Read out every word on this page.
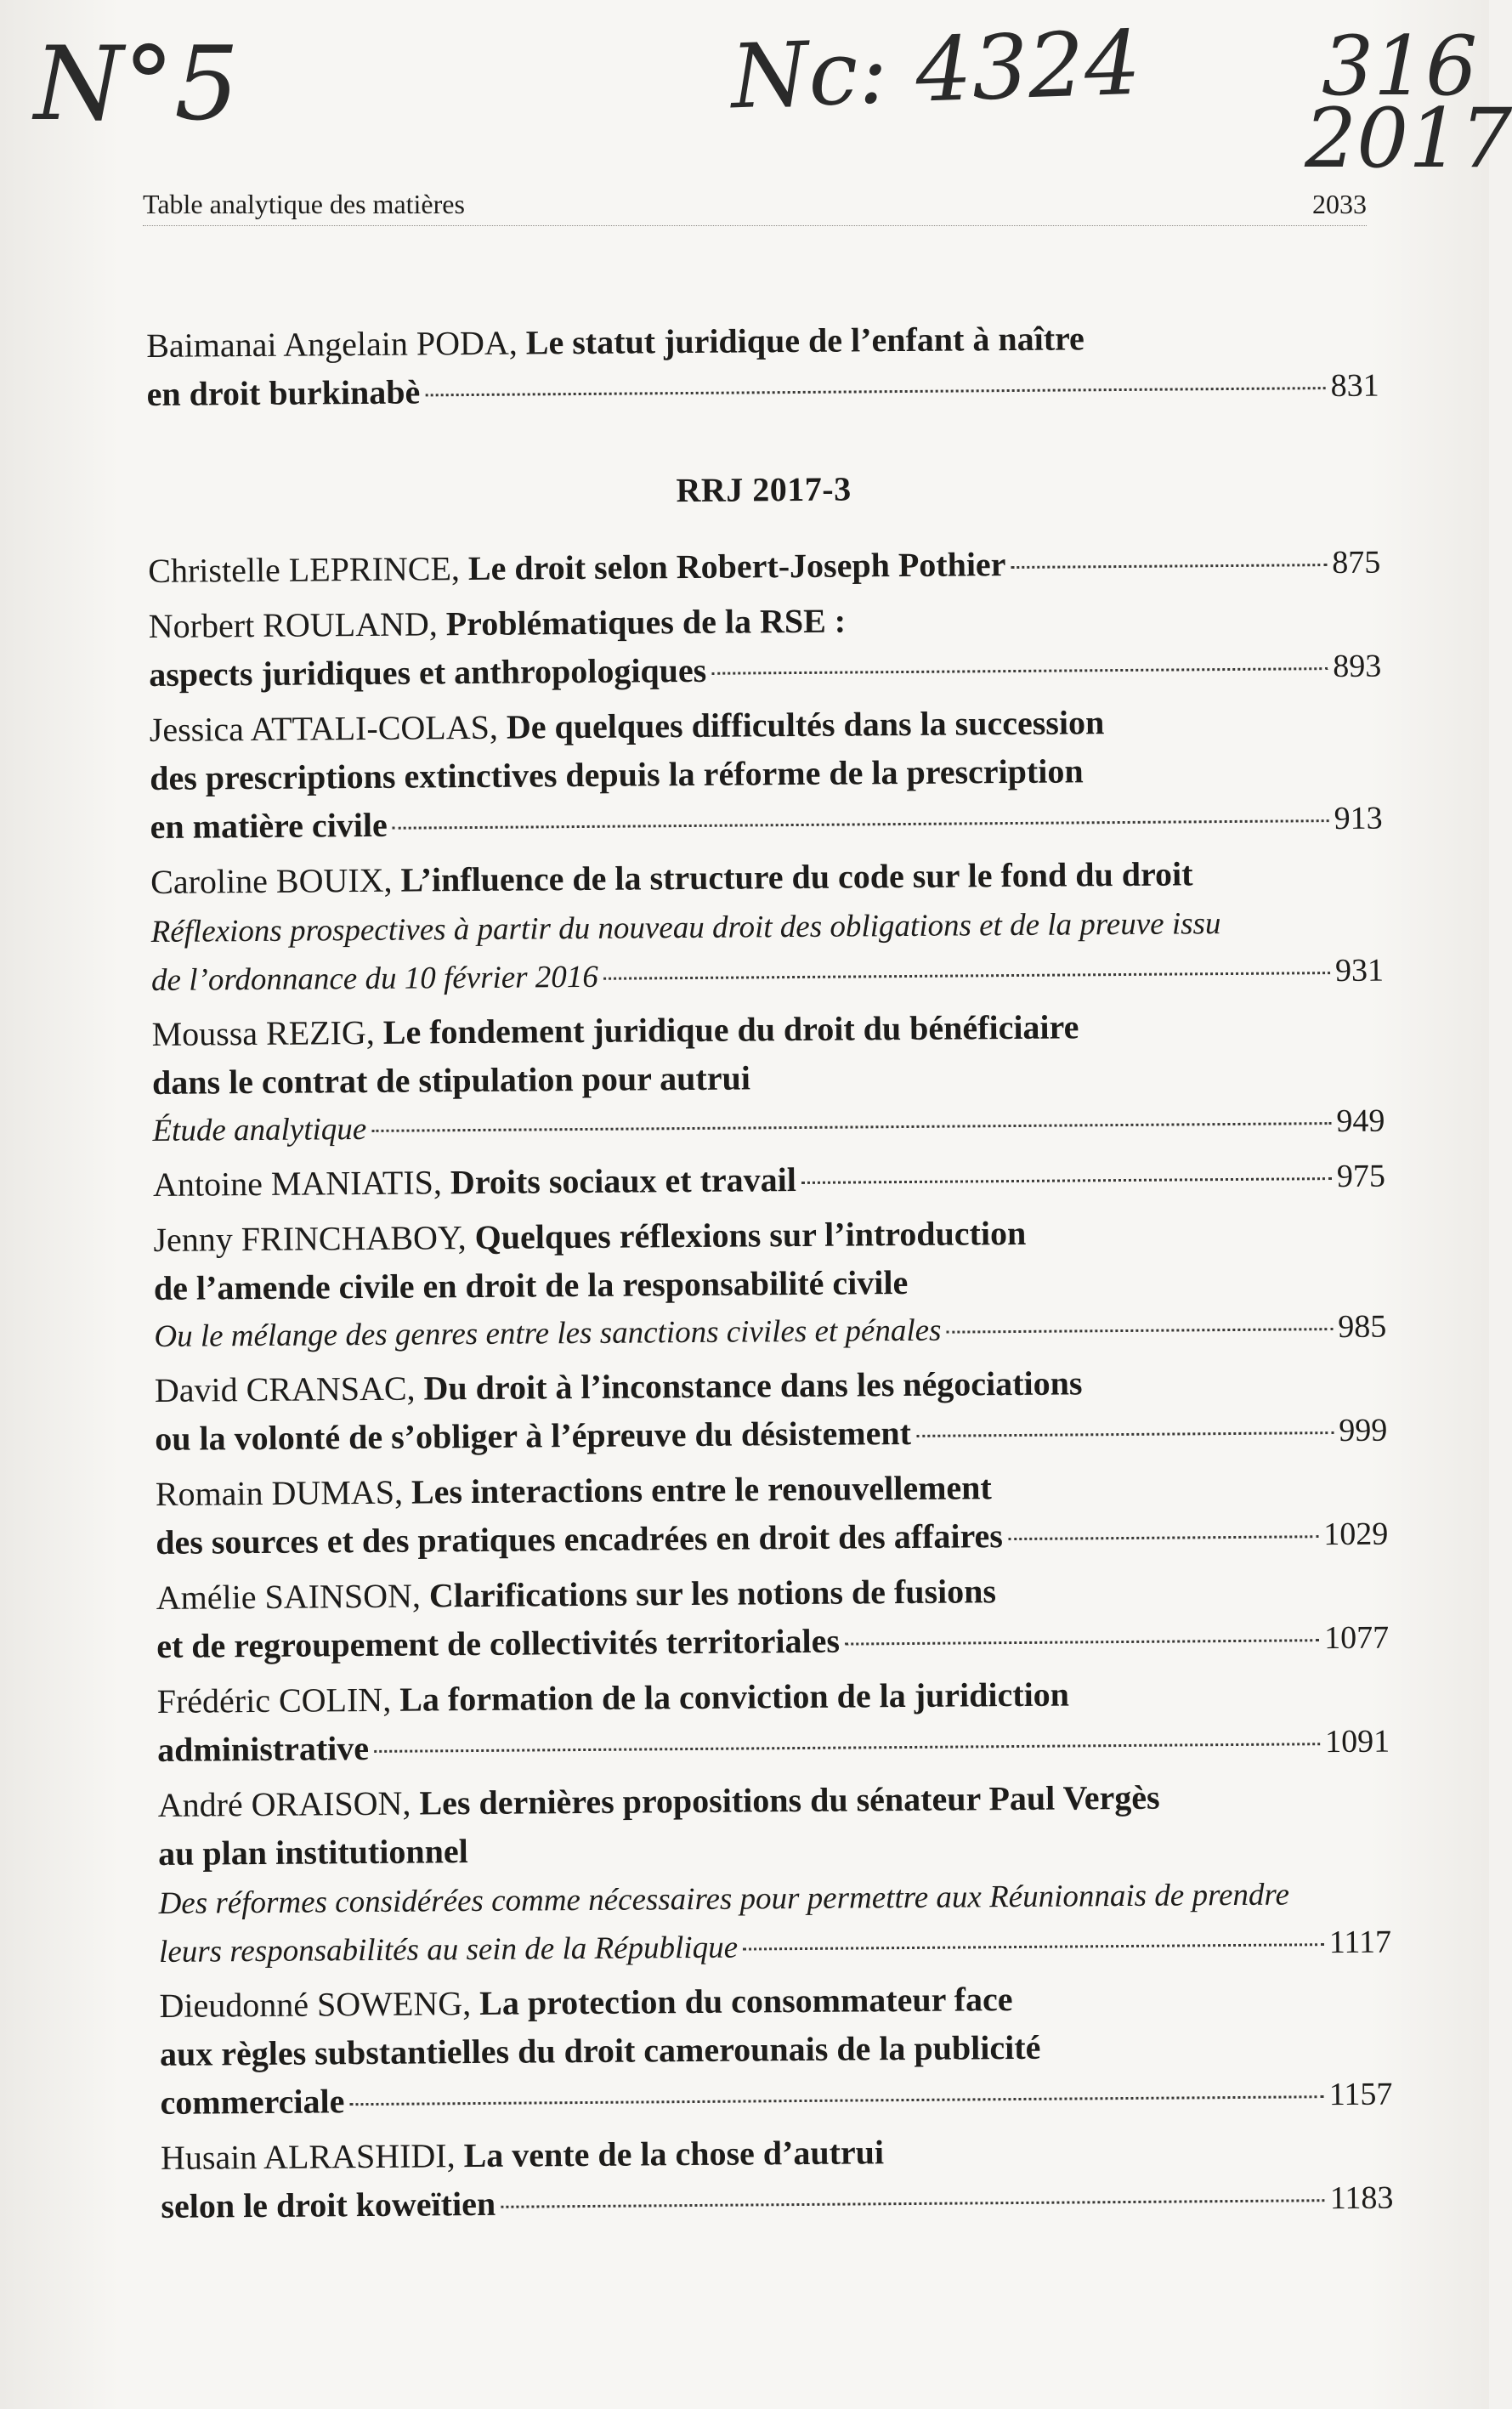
N°5	Nc: 4324 316
2017
Table analytique des matières	2033

Baimanai Angelain PODA, Le statut juridique de l’enfant à naître
en droit burkinabè	831

RRJ 2017-3

Christelle LEPRINCE,
Le droit selon Robert-Joseph Pothier	875

Norbert ROULAND, Problématiques de la RSE :
aspects juridiques et anthropologiques	893

Jessica ATTALI-COLAS, De quelques difficultés dans la succession
des prescriptions extinctives depuis la réforme de la prescription
en matière civile	913

Caroline BOUIX, L’influence de la structure du code sur le fond du droit
Réflexions prospectives à partir du nouveau droit des obligations et de la preuve issu
de l’ordonnance du 10 février 2016	931

Moussa REZIG, Le fondement juridique du droit du bénéficiaire
dans le contrat de stipulation pour autrui
Étude analytique	949

Antoine MANIATIS,
Droits sociaux et travail	975

Jenny FRINCHABOY, Quelques réflexions sur l’introduction
de l’amende civile en droit de la responsabilité civile
Ou le mélange des genres entre les sanctions civiles et pénales	985

David CRANSAC, Du droit à l’inconstance dans les négociations
ou la volonté de s’obliger à l’épreuve du désistement	999

Romain DUMAS, Les interactions entre le renouvellement
des sources et des pratiques encadrées en droit des affaires	1029

Amélie SAINSON, Clarifications sur les notions de fusions
et de regroupement de collectivités territoriales	1077

Frédéric COLIN, La formation de la conviction de la juridiction
administrative	1091

André ORAISON, Les dernières propositions du sénateur Paul Vergès
au plan institutionnel
Des réformes considérées comme nécessaires pour permettre aux Réunionnais de prendre
leurs responsabilités au sein de la République	1117

Dieudonné SOWENG, La protection du consommateur face
aux règles substantielles du droit camerounais de la publicité
commerciale	1157

Husain ALRASHIDI, La vente de la chose d’autrui
selon le droit koweïtien	1183
